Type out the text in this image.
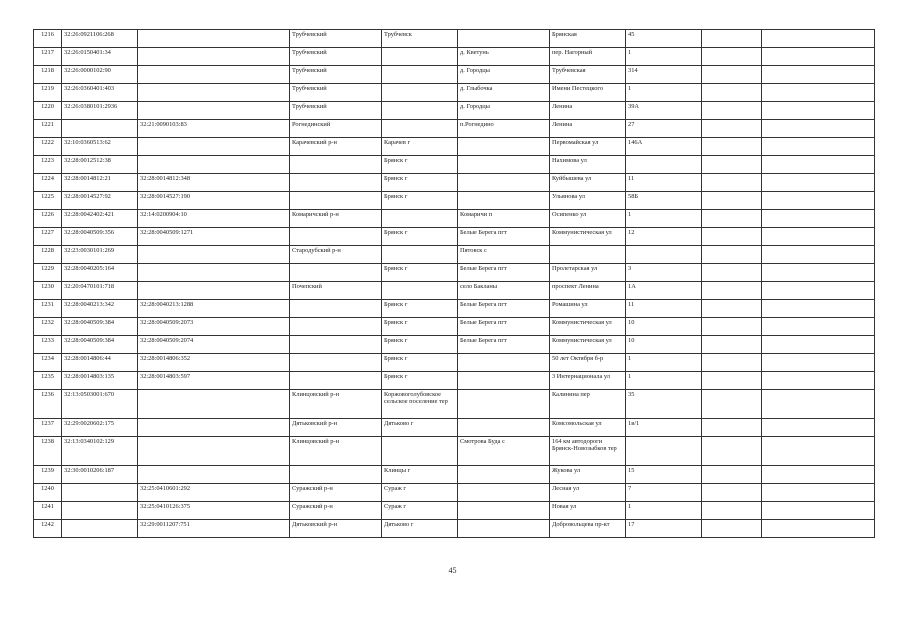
1216	32:26:0921106:268		Трубчевский	Трубчевск		Брянская	45		
1217	32:26:0150401:34		Трубчевский		д. Кветунь	пер. Нагорный	1		
1218	32:26:0000102:90		Трубчевский		д. Городцы	Трубчевская	314		
1219	32:26:0360401:403		Трубчевский		д. Глыбочка	Имени Пестецкого	1		
1220	32:26:0380101:2936		Трубчевский		д. Городцы	Ленина	39А		
1221		32:21:0090103:83	Рогнединский		п.Рогнедино	Ленина	27		
1222	32:10:0360513:62		Карачевский р-н	Карачев г		Первомайская ул	146А		
1223	32:28:0012512:38			Брянск г		Нахимова ул			
1224	32:28:0014812:21	32:28:0014812:348		Брянск г		Куйбышева ул	11		
1225	32:28:0014527:92	32:28:0014527:190		Брянск г		Ульянова ул	58Б		
1226	32:28:0042402:421	32:14:0200904:10	Комаричский р-н		Комаричи п	Осипенко ул	1		
1227	32:28:0040509:356	32:28:0040509:1271		Брянск г	Белые Берега пгт	Коммунистическая ул	12		
1228	32:23:0030101:269		Стародубский р-н		Пятовск с				
1229	32:28:0040205:164			Брянск г	Белые Берега пгт	Пролетарская ул	3		
1230	32:20:0470101:718		Почепский		село Бакланы	проспект Ленина	1А		
1231	32:28:0040213:342	32:28:0040213:1288		Брянск г	Белые Берега пгт	Ромашина ул	11		
1232	32:28:0040509:384	32:28:0040509:2073		Брянск г	Белые Берега пгт	Коммунистическая ул	10		
1233	32:28:0040509:384	32:28:0040509:2074		Брянск г	Белые Берега пгт	Коммунистическая ул	10		
1234	32:28:0014806:44	32:28:0014806:352		Брянск г		50 лет Октября б-р	1		
1235	32:28:0014803:135	32:28:0014803:597		Брянск г		3 Интернационала ул	1		
1236	32:13:0503001:670		Клинцовский р-н	Коржовоголубовское сельское поселение тер		Калинина пер	35		
1237	32:29:0020602:175		Дятьковский р-н	Дятьково г		Комсомольская ул	1в/1		
1238	32:13:0340102:129		Клинцовский р-н		Смотрова Буда с	164 км автодороги Брянск-Новозыбков тер			
1239	32:30:0010206:187			Клинцы г		Жукова ул	15		
1240		32:25:0410601:292	Суражский р-н	Сураж г		Лесная ул	7		
1241		32:25:0410126:375	Суражский р-н	Сураж г		Новая ул	1		
1242		32:29:0011207:751	Дятьковский р-н	Дятьково г		Добровольцева пр-кт	17		
45
